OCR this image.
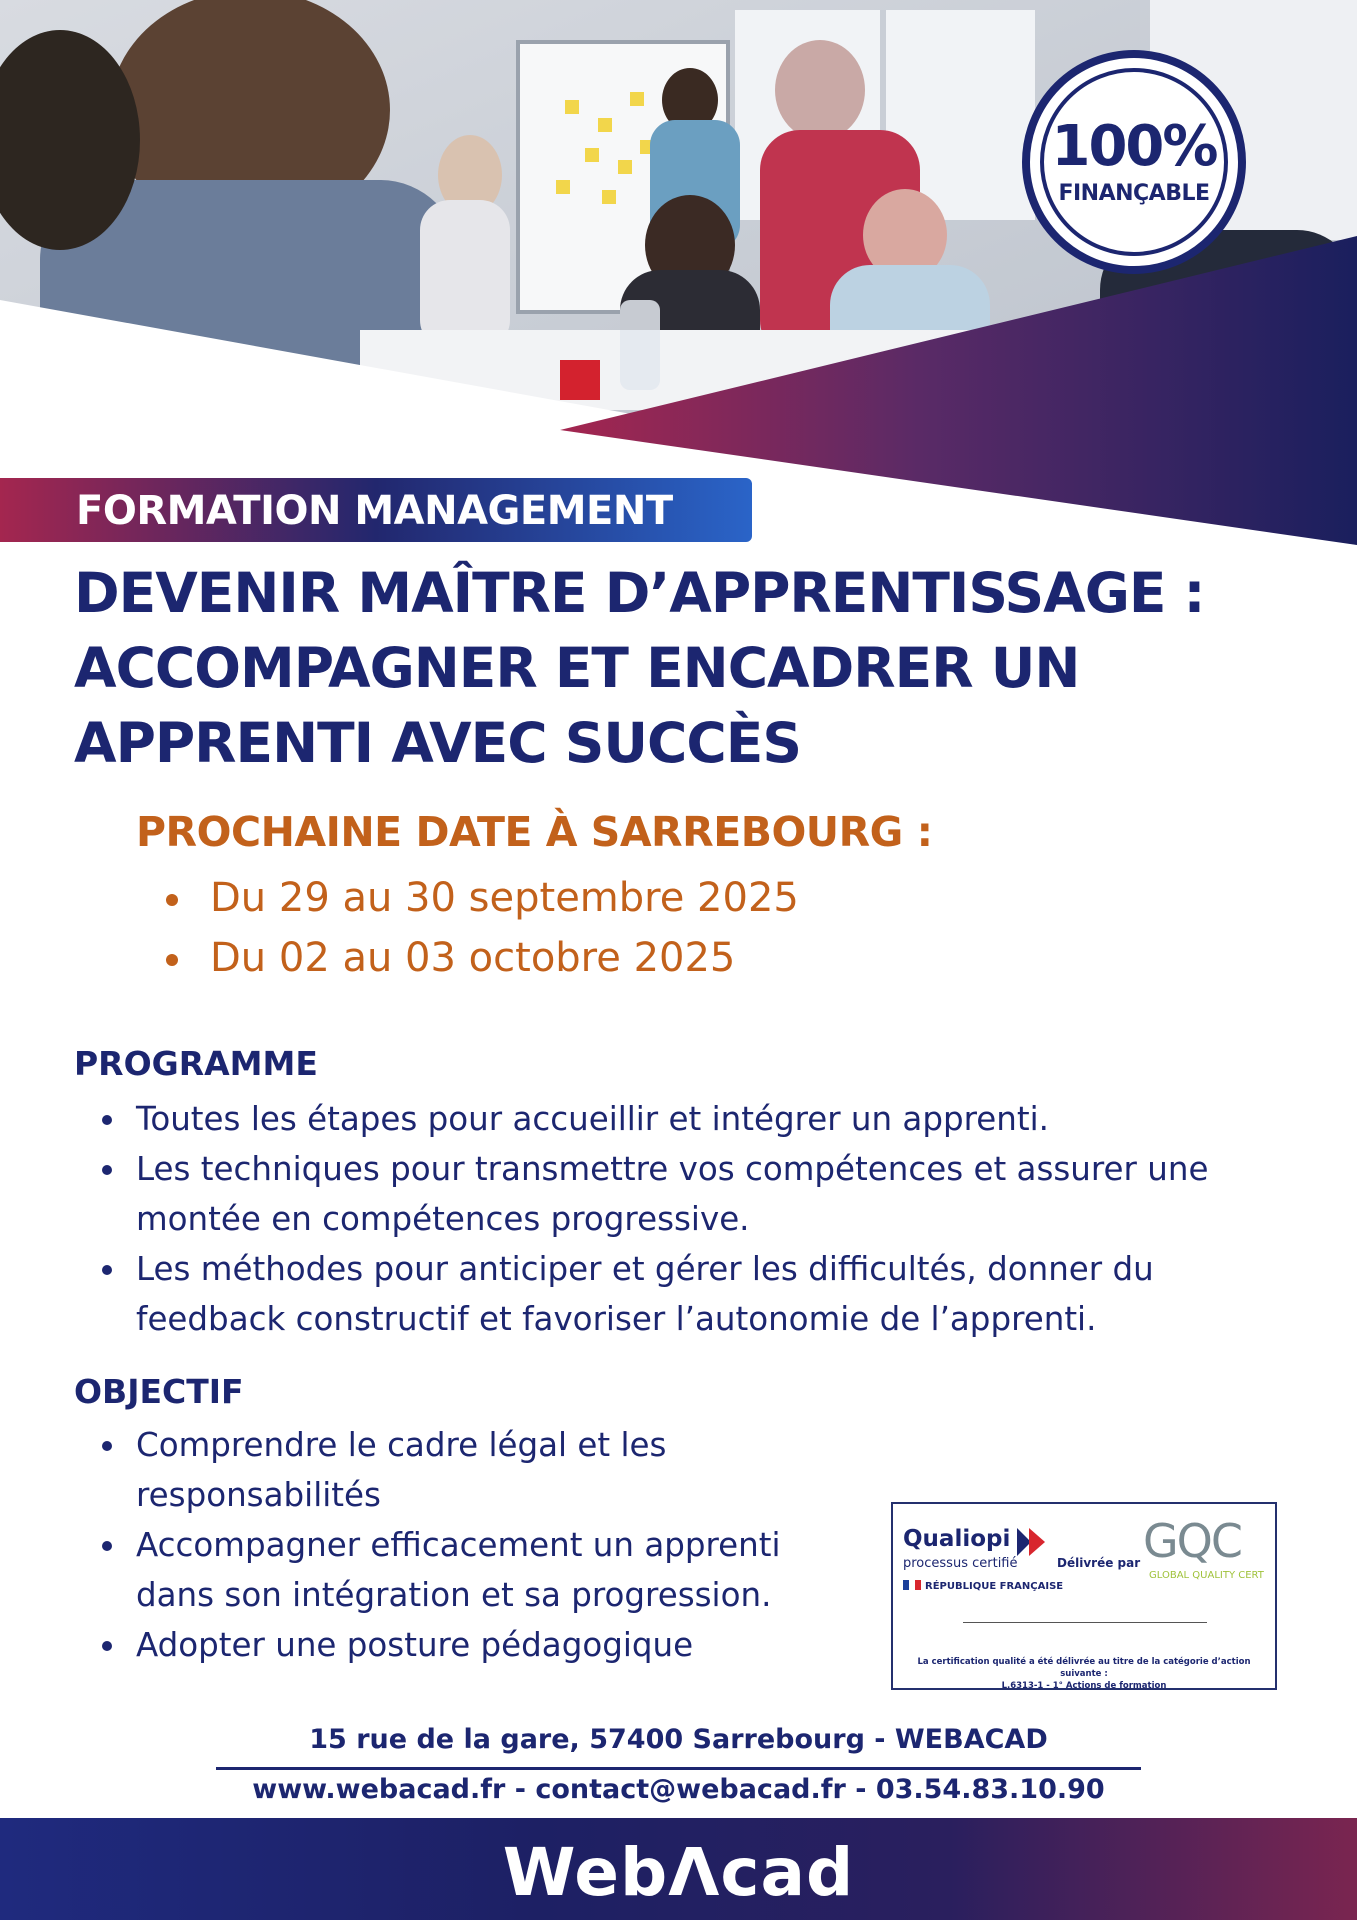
100%
FINANÇABLE
FORMATION MANAGEMENT
DEVENIR MAÎTRE D’APPRENTISSAGE :
ACCOMPAGNER ET ENCADRER UN
APPRENTI AVEC SUCCÈS
PROCHAINE DATE À SARREBOURG :
Du 29 au 30 septembre 2025
Du 02 au 03 octobre 2025
PROGRAMME
Toutes les étapes pour accueillir et intégrer un apprenti.
Les techniques pour transmettre vos compétences et assurer une montée en compétences progressive.
Les méthodes pour anticiper et gérer les difficultés, donner du feedback constructif et favoriser l’autonomie de l’apprenti.
OBJECTIF
Comprendre le cadre légal et les responsabilités
Accompagner efficacement un apprenti dans son intégration et sa progression.
Adopter une posture pédagogique
Qualiopi
processus certifié
RÉPUBLIQUE FRANÇAISE
Délivrée par GQC
GLOBAL QUALITY CERT
La certification qualité a été délivrée au titre de la catégorie d’action suivante :
L.6313-1 - 1° Actions de formation
15 rue de la gare, 57400 Sarrebourg - WEBACAD
www.webacad.fr - contact@webacad.fr - 03.54.83.10.90
WebΛcad
